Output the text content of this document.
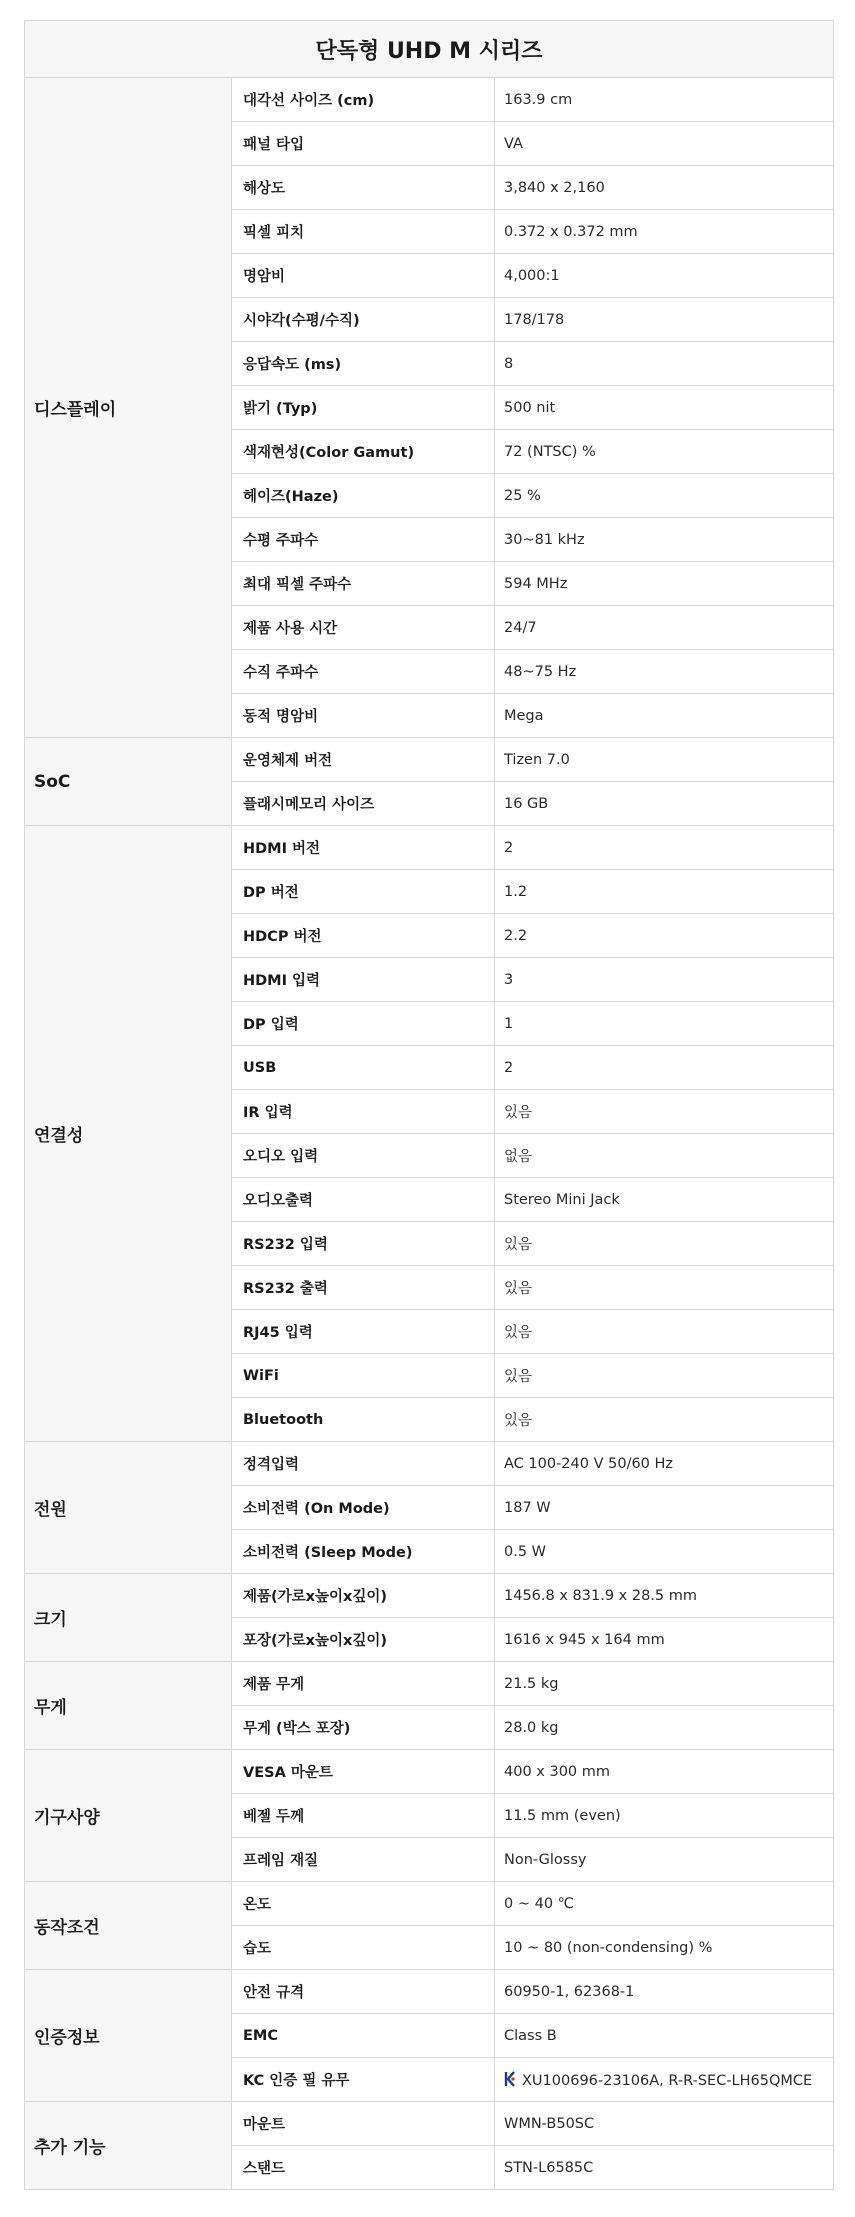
단독형 UHD M 시리즈		
디스플레이	대각선 사이즈 (cm)	163.9 cm
	패널 타입	VA
	해상도	3,840 x 2,160
	픽셀 피치	0.372 x 0.372 mm
	명암비	4,000:1
	시야각(수평/수직)	178/178
	응답속도 (ms)	8
	밝기 (Typ)	500 nit
	색재현성(Color Gamut)	72 (NTSC) %
	헤이즈(Haze)	25 %
	수평 주파수	30~81 kHz
	최대 픽셀 주파수	594 MHz
	제품 사용 시간	24/7
	수직 주파수	48~75 Hz
	동적 명암비	Mega
SoC	운영체제 버전	Tizen 7.0
	플래시메모리 사이즈	16 GB
연결성	HDMI 버전	2
	DP 버전	1.2
	HDCP 버전	2.2
	HDMI 입력	3
	DP 입력	1
	USB	2
	IR 입력	있음
	오디오 입력	없음
	오디오출력	Stereo Mini Jack
	RS232 입력	있음
	RS232 출력	있음
	RJ45 입력	있음
	WiFi	있음
	Bluetooth	있음
전원	정격입력	AC 100-240 V 50/60 Hz
	소비전력 (On Mode)	187 W
	소비전력 (Sleep Mode)	0.5 W
크기	제품(가로x높이x깊이)	1456.8 x 831.9 x 28.5 mm
	포장(가로x높이x깊이)	1616 x 945 x 164 mm
무게	제품 무게	21.5 kg
	무게 (박스 포장)	28.0 kg
기구사양	VESA 마운트	400 x 300 mm
	베젤 두께	11.5 mm (even)
	프레임 재질	Non-Glossy
동작조건	온도	0 ~ 40 ℃
	습도	10 ~ 80 (non-condensing) %
인증정보	안전 규격	60950-1, 62368-1
	EMC	Class B
	KC 인증 필 유무	XU100696-23106A, R-R-SEC-LH65QMCE
추가 기능	마운트	WMN-B50SC
	스탠드	STN-L6585C
